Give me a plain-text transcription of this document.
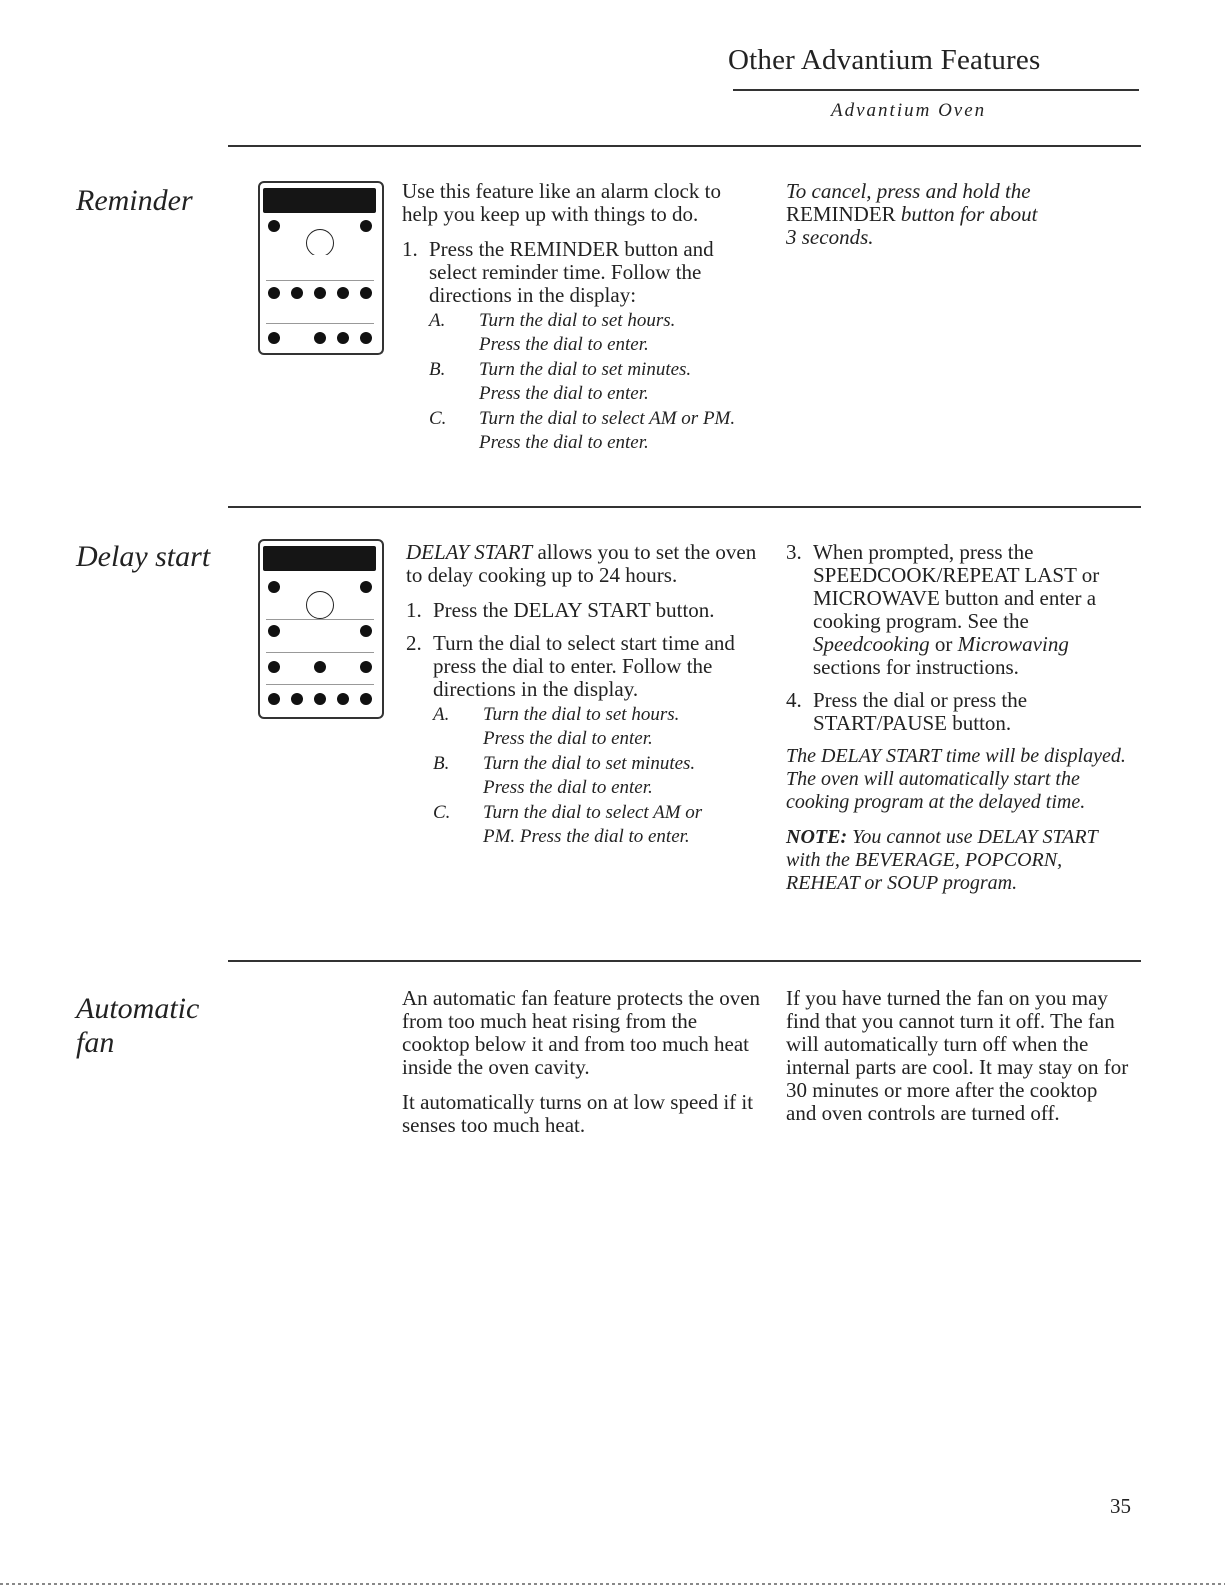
Other Advantium Features
Advantium Oven
Reminder	Use this feature like an alarm clock to help you keep up with things to do.

1. Press the REMINDER button and select reminder time. Follow the directions in the display:
A. Turn the dial to set hours.
Press the dial to enter.
B. Turn the dial to set minutes.
Press the dial to enter.
C. Turn the dial to select AM or PM.
Press the dial to enter.
To cancel, press and hold the
REMINDER button for about
3 seconds.
Delay start	DELAY START allows you to set the oven to delay cooking up to 24 hours.

1. Press the DELAY START button.
2. Turn the dial to select start time and press the dial to enter. Follow the directions in the display.
A. Turn the dial to set hours.
Press the dial to enter.
B. Turn the dial to set minutes.
Press the dial to enter.
C. Turn the dial to select AM or
PM. Press the dial to enter.
3. When prompted, press the SPEEDCOOK/REPEAT LAST or MICROWAVE button and enter a cooking program. See the Speedcooking or Microwaving sections for instructions.
4. Press the dial or press the START/PAUSE button.

The DELAY START time will be displayed. The oven will automatically start the cooking program at the delayed time.

NOTE: You cannot use DELAY START with the BEVERAGE, POPCORN, REHEAT or SOUP program.

Automatic
fan

An automatic fan feature protects the oven from too much heat rising from the cooktop below it and from too much heat inside the oven cavity.

It automatically turns on at low speed if it senses too much heat.

If you have turned the fan on you may find that you cannot turn it off. The fan will automatically turn off when the internal parts are cool. It may stay on for 30 minutes or more after the cooktop and oven controls are turned off.

35
